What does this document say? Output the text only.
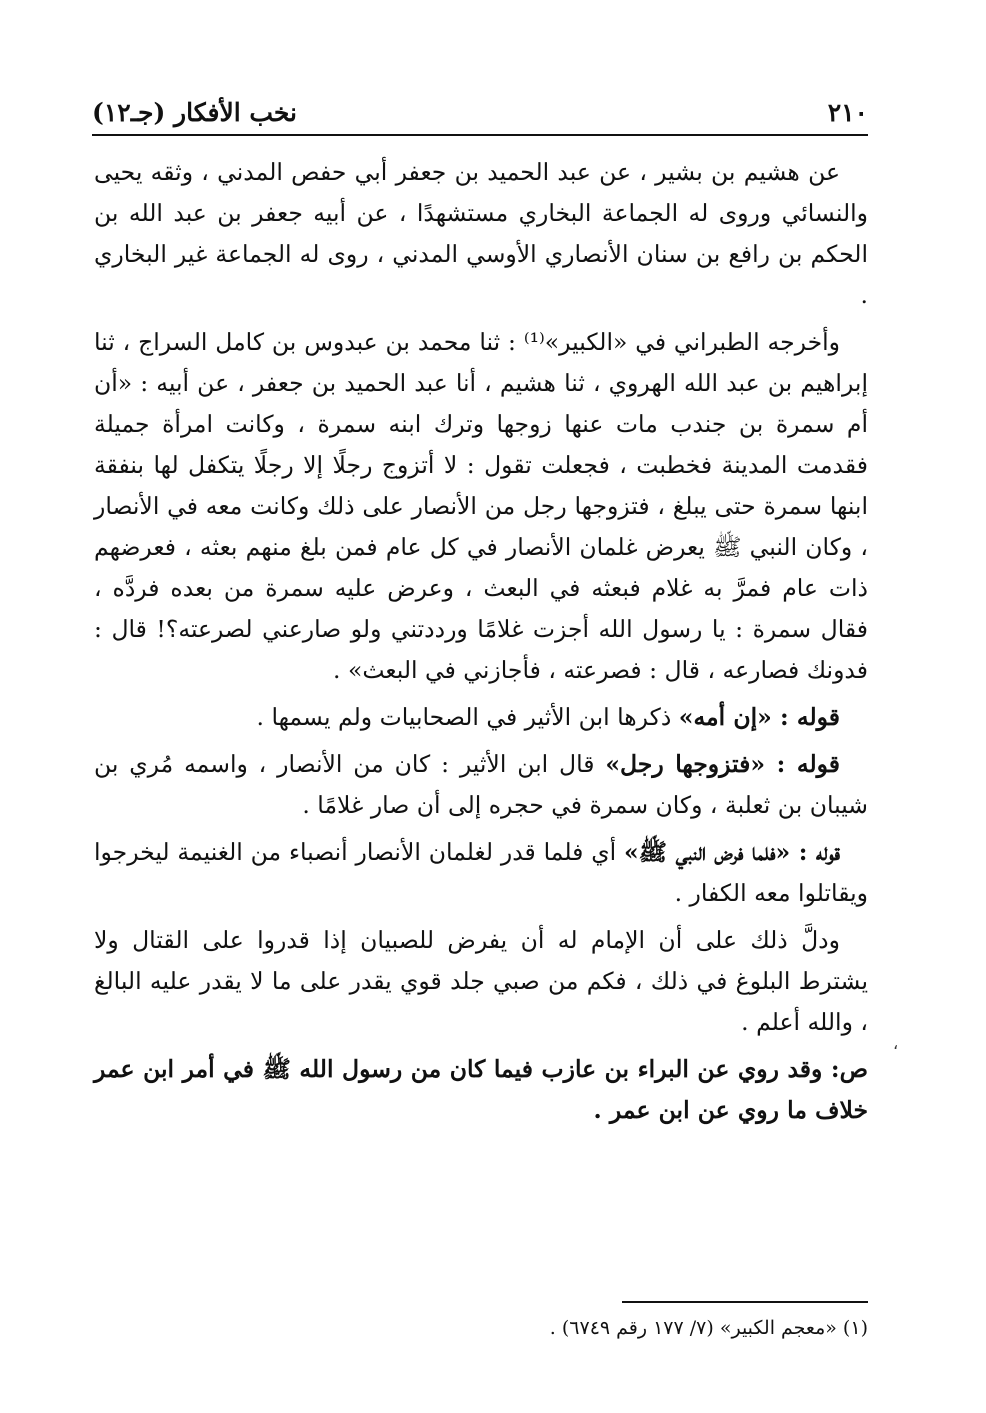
٢١٠
نخب الأفكار (جـ١٢)

عن هشيم بن بشير ، عن عبد الحميد بن جعفر أبي حفص المدني ، وثقه يحيى والنسائي وروى له الجماعة البخاري مستشهدًا ، عن أبيه جعفر بن عبد الله بن الحكم بن رافع بن سنان الأنصاري الأوسي المدني ، روى له الجماعة غير البخاري .

وأخرجه الطبراني في «الكبير»⁽¹⁾ : ثنا محمد بن عبدوس بن كامل السراج ، ثنا إبراهيم بن عبد الله الهروي ، ثنا هشيم ، أنا عبد الحميد بن جعفر ، عن أبيه : «أن أم سمرة بن جندب مات عنها زوجها وترك ابنه سمرة ، وكانت امرأة جميلة فقدمت المدينة فخطبت ، فجعلت تقول : لا أتزوج رجلًا إلا رجلًا يتكفل لها بنفقة ابنها سمرة حتى يبلغ ، فتزوجها رجل من الأنصار على ذلك وكانت معه في الأنصار ، وكان النبي ﷺ يعرض غلمان الأنصار في كل عام فمن بلغ منهم بعثه ، فعرضهم ذات عام فمرَّ به غلام فبعثه في البعث ، وعرض عليه سمرة من بعده فردَّه ، فقال سمرة : يا رسول الله أجزت غلامًا ورددتني ولو صارعني لصرعته؟! قال : فدونك فصارعه ، قال : فصرعته ، فأجازني في البعث» .

قوله : «إن أمه» ذكرها ابن الأثير في الصحابيات ولم يسمها .

قوله : «فتزوجها رجل» قال ابن الأثير : كان من الأنصار ، واسمه مُري بن شيبان بن ثعلبة ، وكان سمرة في حجره إلى أن صار غلامًا .

قوله : «فلما فرض النبي ﷺ» أي فلما قدر لغلمان الأنصار أنصباء من الغنيمة ليخرجوا ويقاتلوا معه الكفار .

ودلَّ ذلك على أن الإمام له أن يفرض للصبيان إذا قدروا على القتال ولا يشترط البلوغ في ذلك ، فكم من صبي جلد قوي يقدر على ما لا يقدر عليه البالغ ، والله أعلم .

ص: وقد روي عن البراء بن عازب فيما كان من رسول الله ﷺ في أمر ابن عمر خلاف ما روي عن ابن عمر .

،
(١) «معجم الكبير» (٧/ ١٧٧ رقم ٦٧٤٩) .
